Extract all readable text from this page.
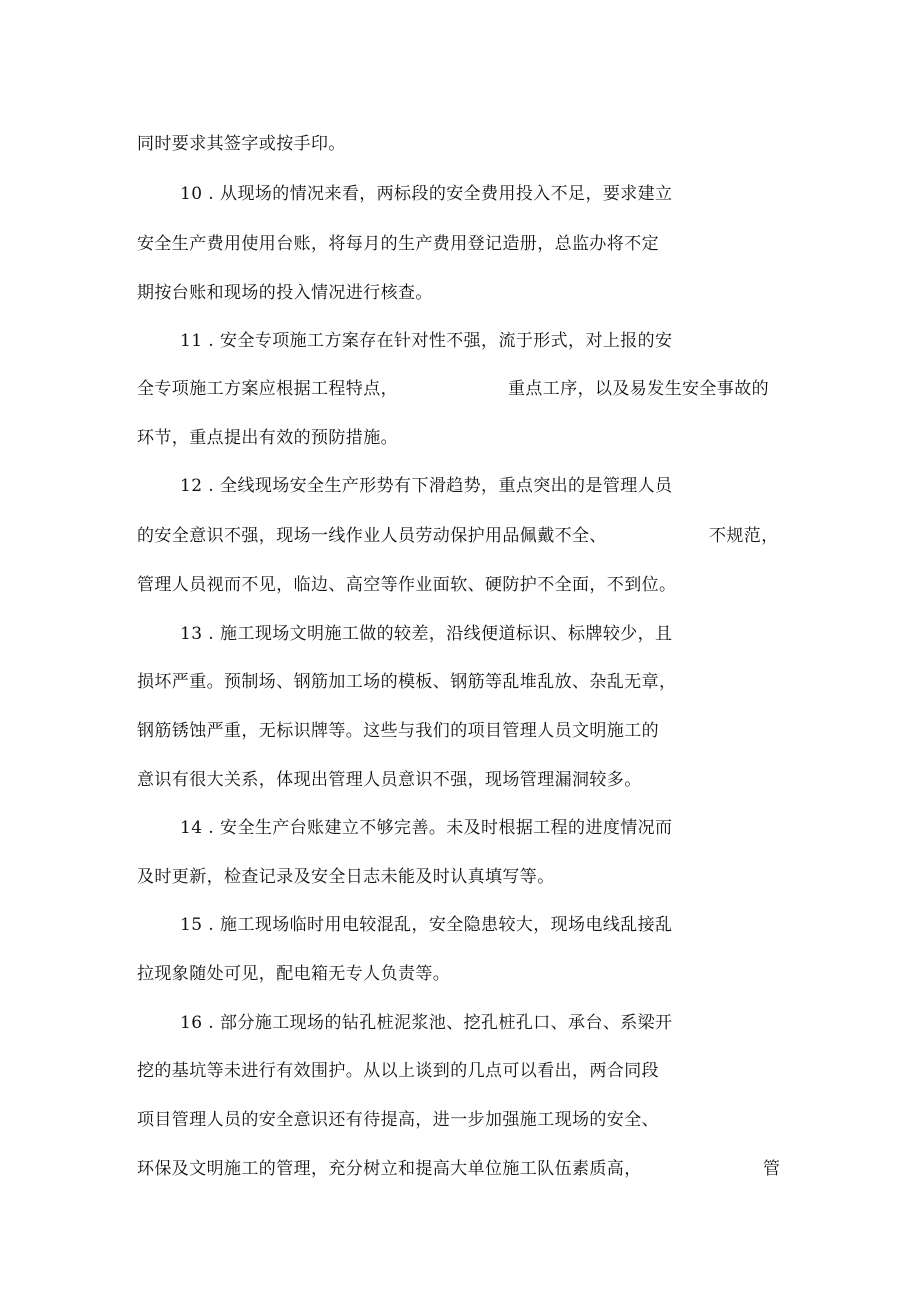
同时要求其签字或按手印。
10 . 从现场的情况来看，两标段的安全费用投入不足，要求建立
安全生产费用使用台账，将每月的生产费用登记造册，总监办将不定
期按台账和现场的投入情况进行核查。
11 . 安全专项施工方案存在针对性不强，流于形式，对上报的安
全专项施工方案应根据工程特点，	重点工序，以及易发生安全事故的
环节，重点提出有效的预防措施。
12 . 全线现场安全生产形势有下滑趋势，重点突出的是管理人员
的安全意识不强，现场一线作业人员劳动保护用品佩戴不全、	不规范，
管理人员视而不见，临边、高空等作业面软、硬防护不全面，不到位。
13 . 施工现场文明施工做的较差，沿线便道标识、标牌较少，且
损坏严重。预制场、钢筋加工场的模板、钢筋等乱堆乱放、杂乱无章，
钢筋锈蚀严重，无标识牌等。这些与我们的项目管理人员文明施工的
意识有很大关系，体现出管理人员意识不强，现场管理漏洞较多。
14 . 安全生产台账建立不够完善。未及时根据工程的进度情况而
及时更新，检查记录及安全日志未能及时认真填写等。
15 . 施工现场临时用电较混乱，安全隐患较大，现场电线乱接乱
拉现象随处可见，配电箱无专人负责等。
16 . 部分施工现场的钻孔桩泥浆池、挖孔桩孔口、承台、系梁开
挖的基坑等未进行有效围护。从以上谈到的几点可以看出，两合同段
项目管理人员的安全意识还有待提高，进一步加强施工现场的安全、
环保及文明施工的管理，充分树立和提高大单位施工队伍素质高，	管
